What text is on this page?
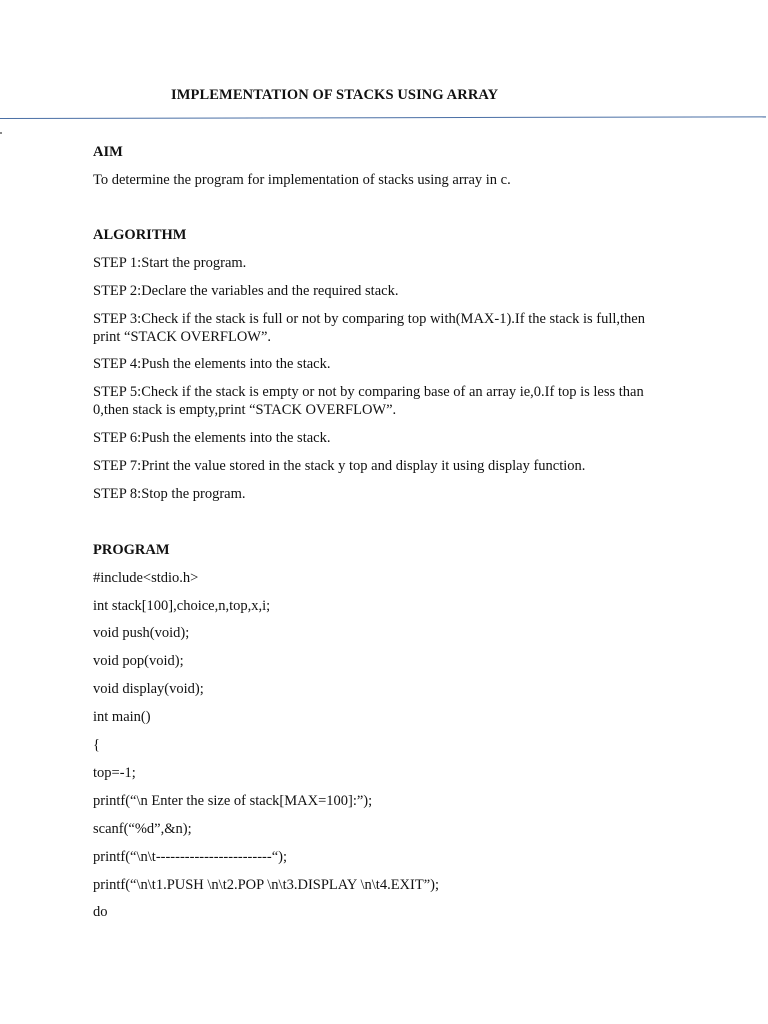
IMPLEMENTATION OF STACKS USING ARRAY
AIM
To determine the program for implementation of stacks using array in c.
ALGORITHM
STEP 1:Start the program.
STEP 2:Declare the variables and the required stack.
STEP 3:Check if the stack is full or not by comparing top with(MAX-1).If the stack is full,then print “STACK OVERFLOW”.
STEP 4:Push the elements into the stack.
STEP 5:Check if the stack is empty or not by comparing base of an array ie,0.If top is less than 0,then stack is empty,print “STACK OVERFLOW”.
STEP 6:Push the elements into the stack.
STEP 7:Print the value stored in the stack y top and display it using display function.
STEP 8:Stop the program.
PROGRAM
#include<stdio.h>
int stack[100],choice,n,top,x,i;
void push(void);
void pop(void);
void display(void);
int main()
{
top=-1;
printf(“\n Enter the size of stack[MAX=100]:”);
scanf(“%d”,&n);
printf(“\n\t------------------------“);
printf(“\n\t1.PUSH \n\t2.POP \n\t3.DISPLAY \n\t4.EXIT”);
do
